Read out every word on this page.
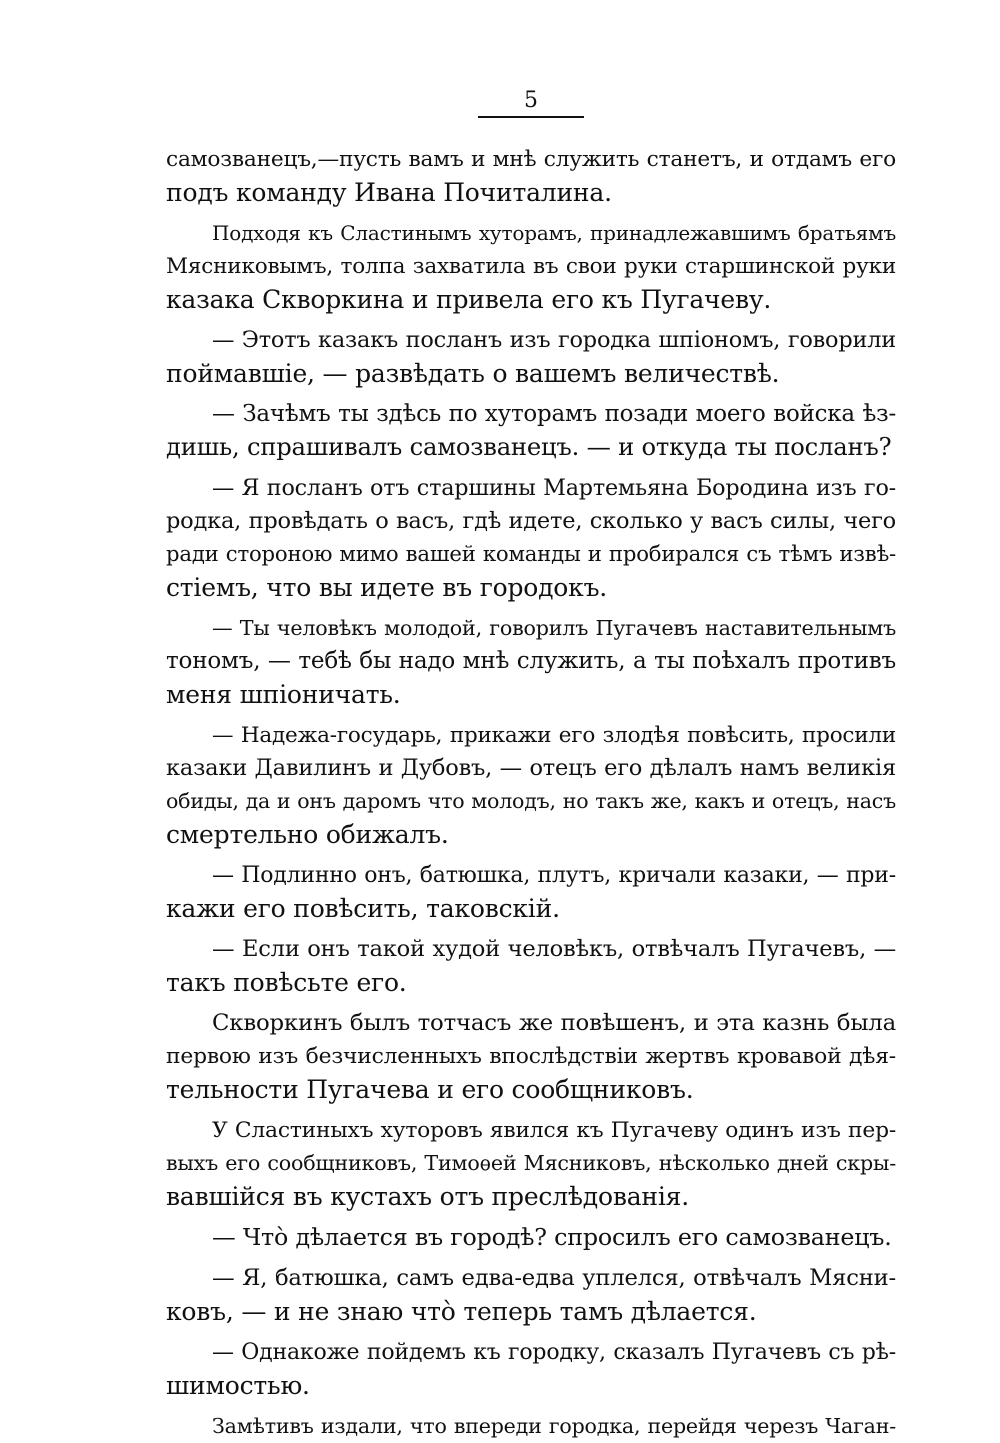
5
самозванецъ,—пусть вамъ и мнѣ служить станетъ, и отдамъ его
подъ команду Ивана Почиталина.
Подходя къ Сластинымъ хуторамъ, принадлежавшимъ братьямъ
Мясниковымъ, толпа захватила въ свои руки старшинской руки
казака Скворкина и привела его къ Пугачеву.
— Этотъ казакъ посланъ изъ городка шпіономъ, говорили
поймавшіе, — развѣдать о вашемъ величествѣ.
— Зачѣмъ ты здѣсь по хуторамъ позади моего войска ѣз-
дишь, спрашивалъ самозванецъ. — и откуда ты посланъ?
— Я посланъ отъ старшины Мартемьяна Бородина изъ го-
родка, провѣдать о васъ, гдѣ идете, сколько у васъ силы, чего
ради стороною мимо вашей команды и пробирался съ тѣмъ извѣ-
стіемъ, что вы идете въ городокъ.
— Ты человѣкъ молодой, говорилъ Пугачевъ наставительнымъ
тономъ, — тебѣ бы надо мнѣ служить, а ты поѣхалъ противъ
меня шпіоничать.
— Надежа-государь, прикажи его злодѣя повѣсить, просили
казаки Давилинъ и Дубовъ, — отецъ его дѣлалъ намъ великія
обиды, да и онъ даромъ что молодъ, но такъ же, какъ и отецъ, насъ
смертельно обижалъ.
— Подлинно онъ, батюшка, плутъ, кричали казаки, — при-
кажи его повѣсить, таковскій.
— Если онъ такой худой человѣкъ, отвѣчалъ Пугачевъ, —
такъ повѣсьте его.
Скворкинъ былъ тотчасъ же повѣшенъ, и эта казнь была
первою изъ безчисленныхъ впослѣдствіи жертвъ кровавой дѣя-
тельности Пугачева и его сообщниковъ.
У Сластиныхъ хуторовъ явился къ Пугачеву одинъ изъ пер-
выхъ его сообщниковъ, Тимоѳей Мясниковъ, нѣсколько дней скры-
вавшійся въ кустахъ отъ преслѣдованія.
— Что̀ дѣлается въ городѣ? спросилъ его самозванецъ.
— Я, батюшка, самъ едва-едва уплелся, отвѣчалъ Мясни-
ковъ, — и не знаю что̀ теперь тамъ дѣлается.
— Однакоже пойдемъ къ городку, сказалъ Пугачевъ съ рѣ-
шимостью.
Замѣтивъ издали, что впереди городка, перейдя черезъ Чаган-
